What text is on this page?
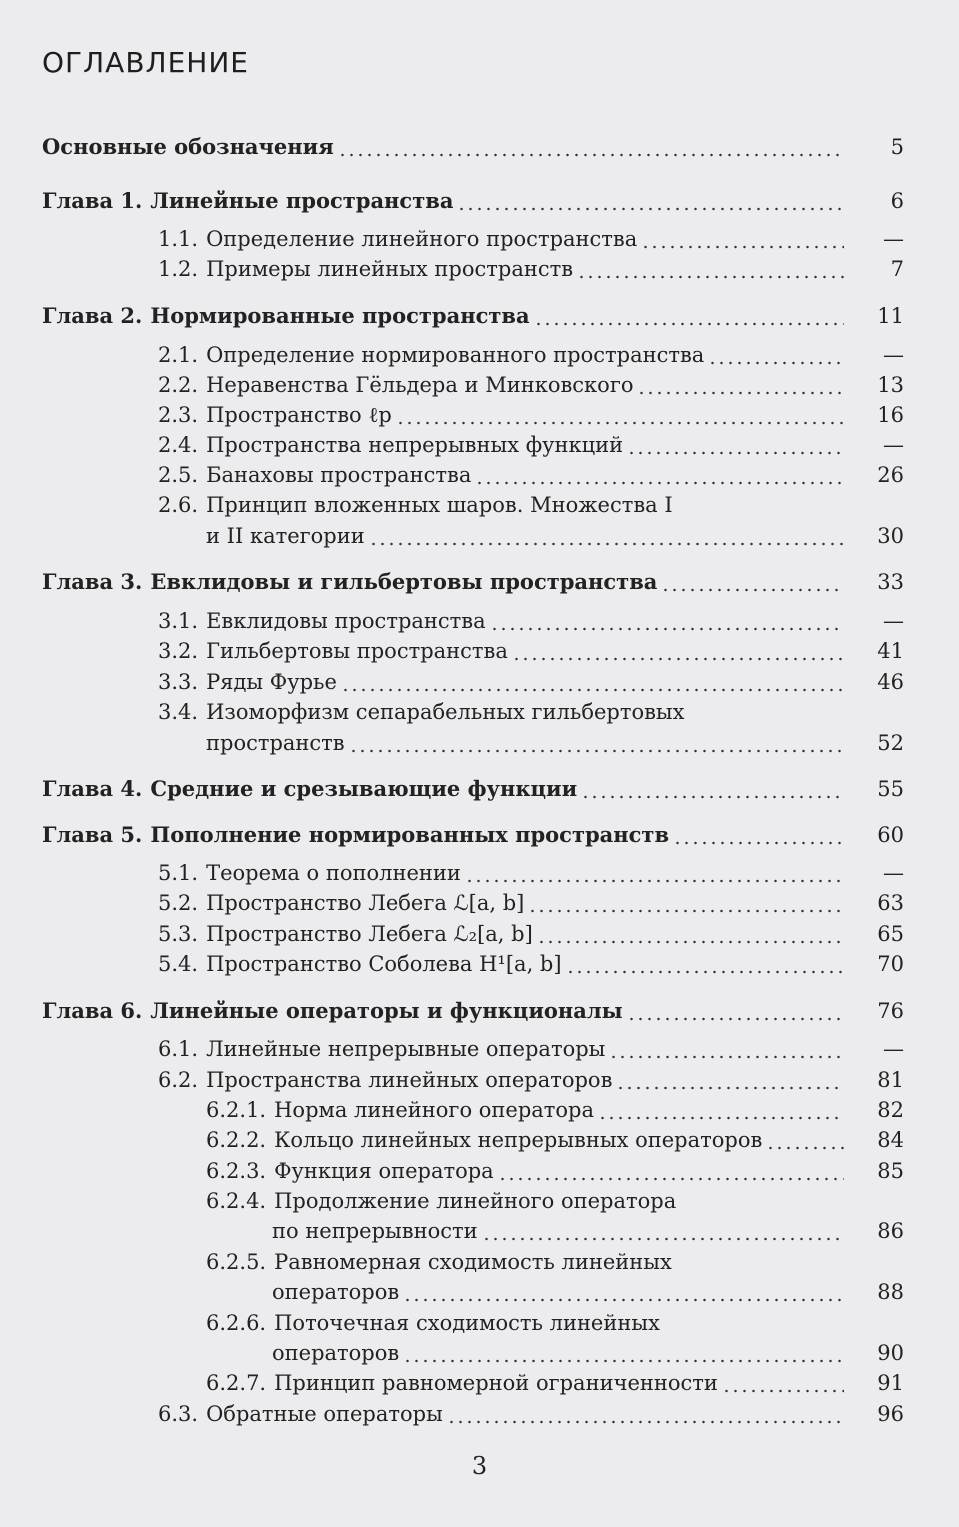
ОГЛАВЛЕНИЕ
Основные обозначения	5
Глава 1. Линейные пространства	6
1.1. Определение линейного пространства	—
1.2. Примеры линейных пространств	7
Глава 2. Нормированные пространства	11
2.1. Определение нормированного пространства	—
2.2. Неравенства Гёльдера и Минковского	13
2.3. Пространство ℓp	16
2.4. Пространства непрерывных функций	—
2.5. Банаховы пространства	26
2.6. Принцип вложенных шаров. Множества I
и II категории	30
Глава 3. Евклидовы и гильбертовы пространства	33
3.1. Евклидовы пространства	—
3.2. Гильбертовы пространства	41
3.3. Ряды Фурье	46
3.4. Изоморфизм сепарабельных гильбертовых
пространств	52
Глава 4. Средние и срезывающие функции	55
Глава 5. Пополнение нормированных пространств	60
5.1. Теорема о пополнении	—
5.2. Пространство Лебега ℒ[a, b]	63
5.3. Пространство Лебега ℒ₂[a, b]	65
5.4. Пространство Соболева H¹[a, b]	70
Глава 6. Линейные операторы и функционалы	76
6.1. Линейные непрерывные операторы	—
6.2. Пространства линейных операторов	81
6.2.1. Норма линейного оператора	82
6.2.2. Кольцо линейных непрерывных операторов	84
6.2.3. Функция оператора	85
6.2.4. Продолжение линейного оператора
по непрерывности	86
6.2.5. Равномерная сходимость линейных
операторов	88
6.2.6. Поточечная сходимость линейных
операторов	90
6.2.7. Принцип равномерной ограниченности	91
6.3. Обратные операторы	96
3
